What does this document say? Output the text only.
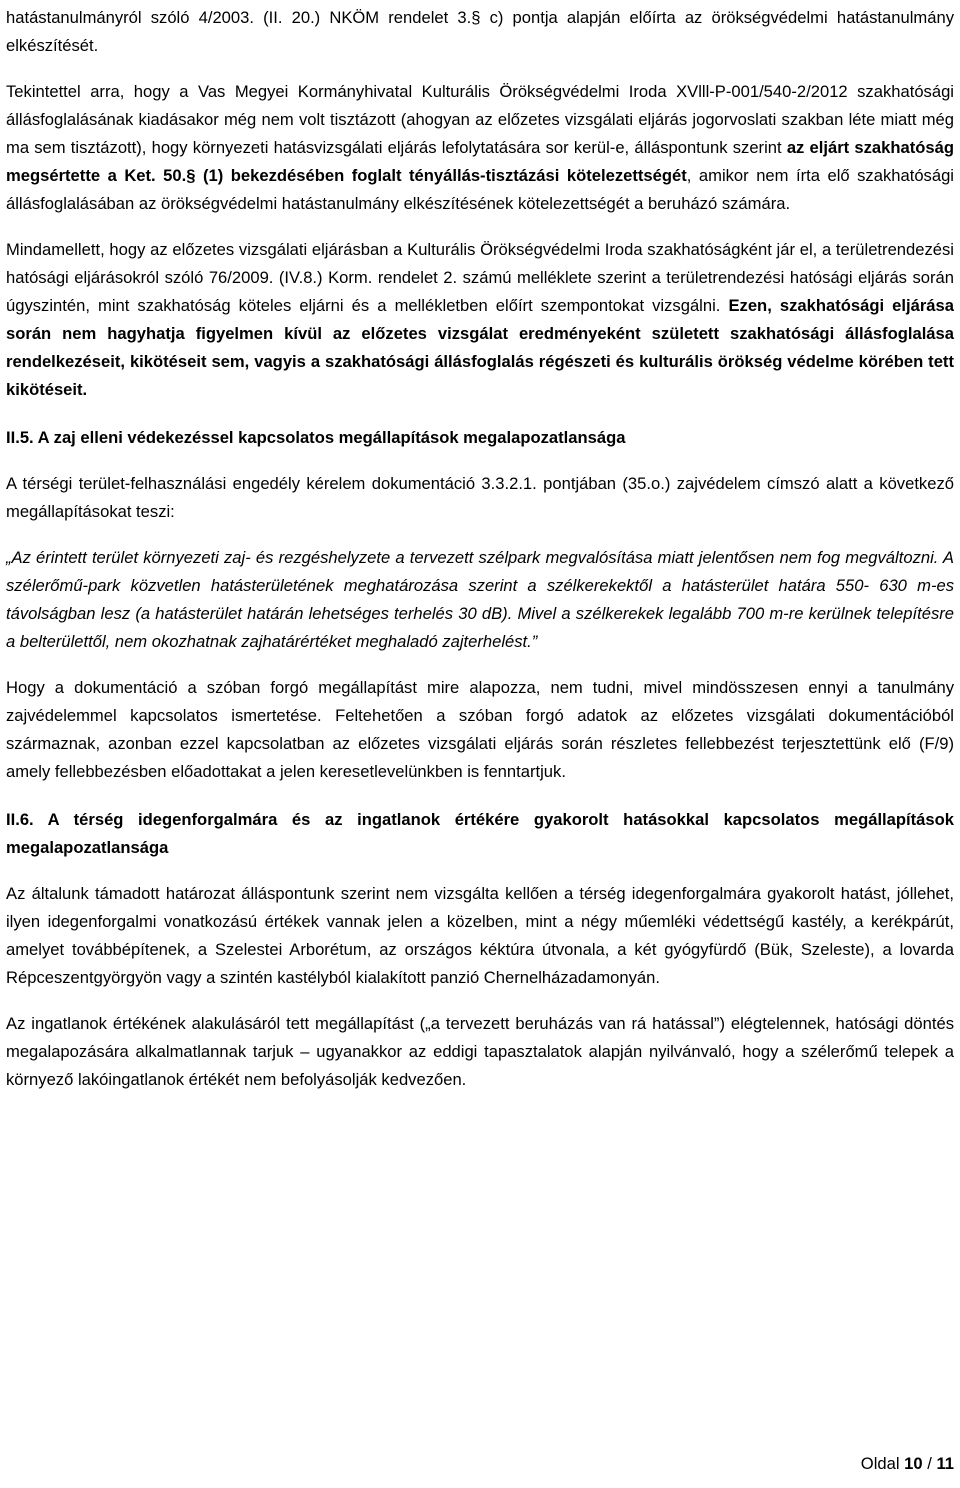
hatástanulmányról szóló 4/2003. (II. 20.) NKÖM rendelet 3.§ c) pontja alapján előírta az örökségvédelmi hatástanulmány elkészítését.

Tekintettel arra, hogy a Vas Megyei Kormányhivatal Kulturális Örökségvédelmi Iroda XVlll-P-001/540-2/2012 szakhatósági állásfoglalásának kiadásakor még nem volt tisztázott (ahogyan az előzetes vizsgálati eljárás jogorvoslati szakban léte miatt még ma sem tisztázott), hogy környezeti hatásvizsgálati eljárás lefolytatására sor kerül-e, álláspontunk szerint az eljárt szakhatóság megsértette a Ket. 50.§ (1) bekezdésében foglalt tényállás-tisztázási kötelezettségét, amikor nem írta elő szakhatósági állásfoglalásában az örökségvédelmi hatástanulmány elkészítésének kötelezettségét a beruházó számára.

Mindamellett, hogy az előzetes vizsgálati eljárásban a Kulturális Örökségvédelmi Iroda szakhatóságként jár el, a területrendezési hatósági eljárásokról szóló 76/2009. (IV.8.) Korm. rendelet 2. számú melléklete szerint a területrendezési hatósági eljárás során úgyszintén, mint szakhatóság köteles eljárni és a mellékletben előírt szempontokat vizsgálni. Ezen, szakhatósági eljárása során nem hagyhatja figyelmen kívül az előzetes vizsgálat eredményeként született szakhatósági állásfoglalása rendelkezéseit, kikötéseit sem, vagyis a szakhatósági állásfoglalás régészeti és kulturális örökség védelme körében tett kikötéseit.

II.5. A zaj elleni védekezéssel kapcsolatos megállapítások megalapozatlansága

A térségi terület-felhasználási engedély kérelem dokumentáció 3.3.2.1. pontjában (35.o.) zajvédelem címszó alatt a következő megállapításokat teszi:

„Az érintett terület környezeti zaj- és rezgéshelyzete a tervezett szélpark megvalósítása miatt jelentősen nem fog megváltozni. A szélerőmű-park közvetlen hatásterületének meghatározása szerint a szélkerekektől a hatásterület határa 550- 630 m-es távolságban lesz (a hatásterület határán lehetséges terhelés 30 dB). Mivel a szélkerekek legalább 700 m-re kerülnek telepítésre a belterülettől, nem okozhatnak zajhatárértéket meghaladó zajterhelést.”

Hogy a dokumentáció a szóban forgó megállapítást mire alapozza, nem tudni, mivel mindösszesen ennyi a tanulmány zajvédelemmel kapcsolatos ismertetése. Feltehetően a szóban forgó adatok az előzetes vizsgálati dokumentációból származnak, azonban ezzel kapcsolatban az előzetes vizsgálati eljárás során részletes fellebbezést terjesztettünk elő (F/9) amely fellebbezésben előadottakat a jelen keresetlevelünkben is fenntartjuk.

II.6. A térség idegenforgalmára és az ingatlanok értékére gyakorolt hatásokkal kapcsolatos megállapítások megalapozatlansága

Az általunk támadott határozat álláspontunk szerint nem vizsgálta kellően a térség idegenforgalmára gyakorolt hatást, jóllehet, ilyen idegenforgalmi vonatkozású értékek vannak jelen a közelben, mint a négy műemléki védettségű kastély, a kerékpárút, amelyet továbbépítenek, a Szelestei Arborétum, az országos kéktúra útvonala, a két gyógyfürdő (Bük, Szeleste), a lovarda Répceszentgyörgyön vagy a szintén kastélyból kialakított panzió Chernelházadamonyán.

Az ingatlanok értékének alakulásáról tett megállapítást („a tervezett beruházás van rá hatással”) elégtelennek, hatósági döntés megalapozására alkalmatlannak tarjuk – ugyanakkor az eddigi tapasztalatok alapján nyilvánvaló, hogy a szélerőmű telepek a környező lakóingatlanok értékét nem befolyásolják kedvezően.

Oldal 10 / 11
